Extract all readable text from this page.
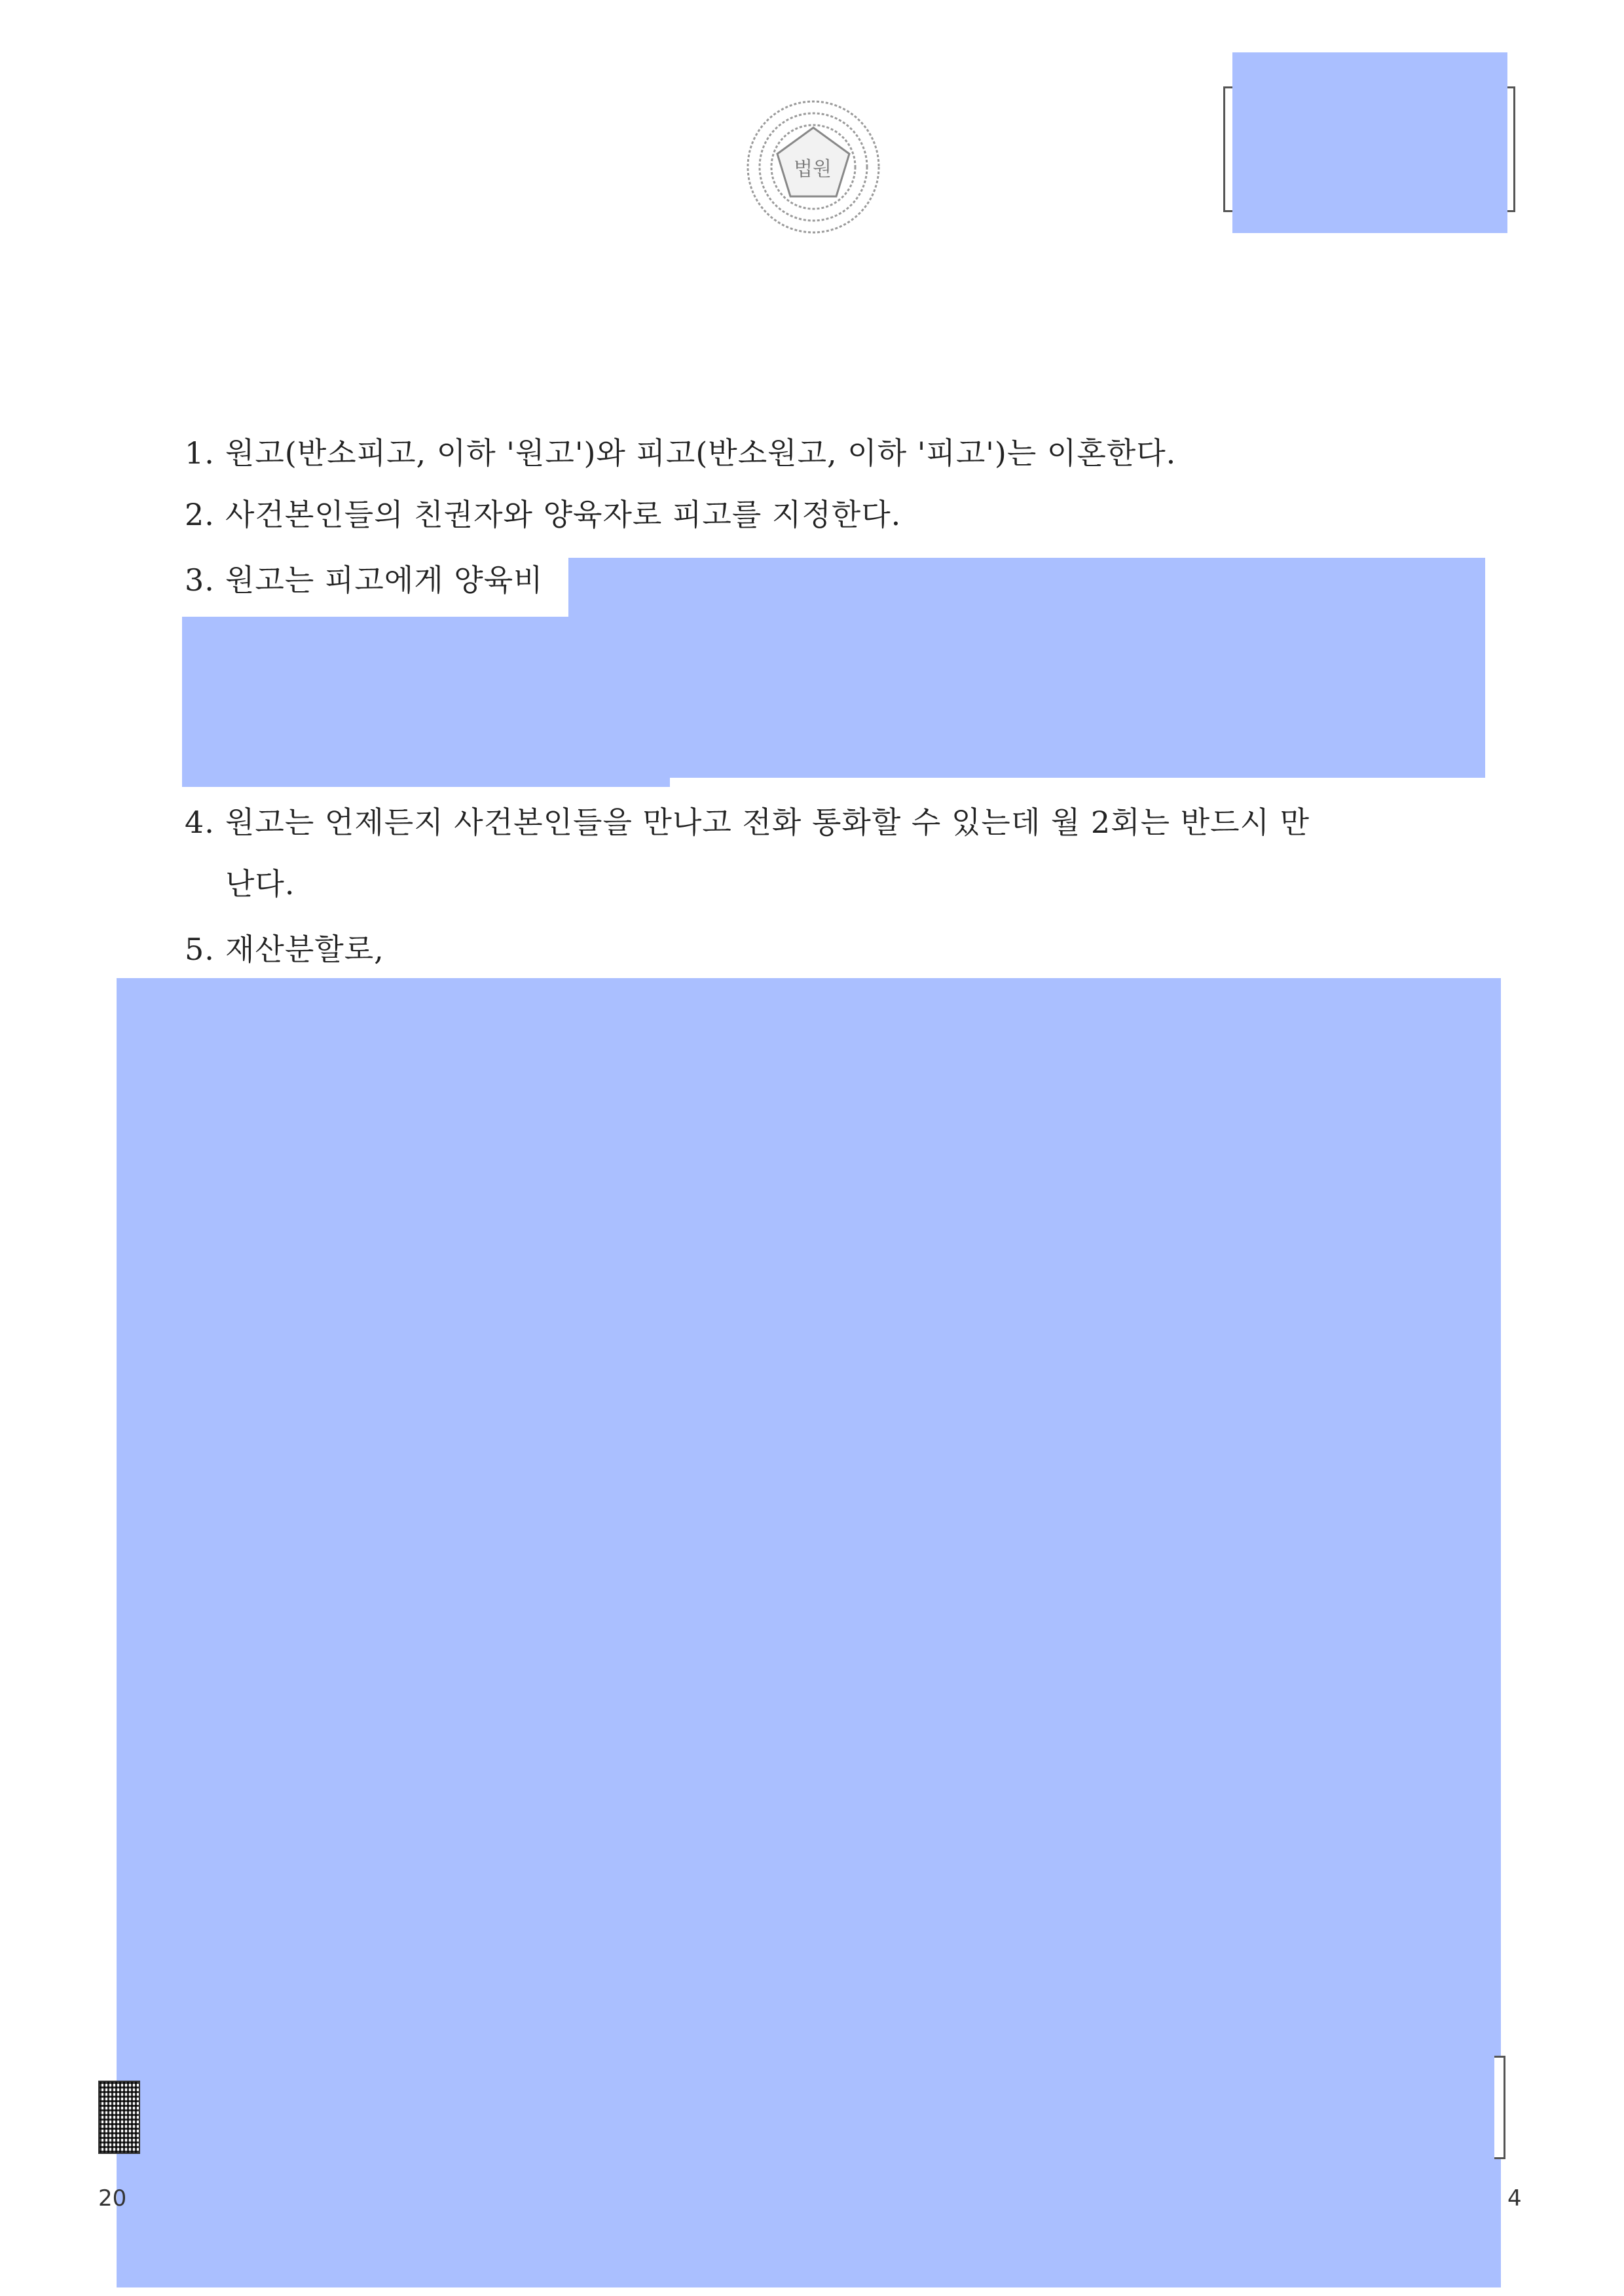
법원
1. 원고(반소피고, 이하 '원고')와 피고(반소원고, 이하 '피고')는 이혼한다.
2. 사건본인들의 친권자와 양육자로 피고를 지정한다.
3. 원고는 피고에게 양육비
4. 원고는 언제든지 사건본인들을 만나고 전화 통화할 수 있는데 월 2회는 반드시 만
난다.
5. 재산분할로,
20	4
